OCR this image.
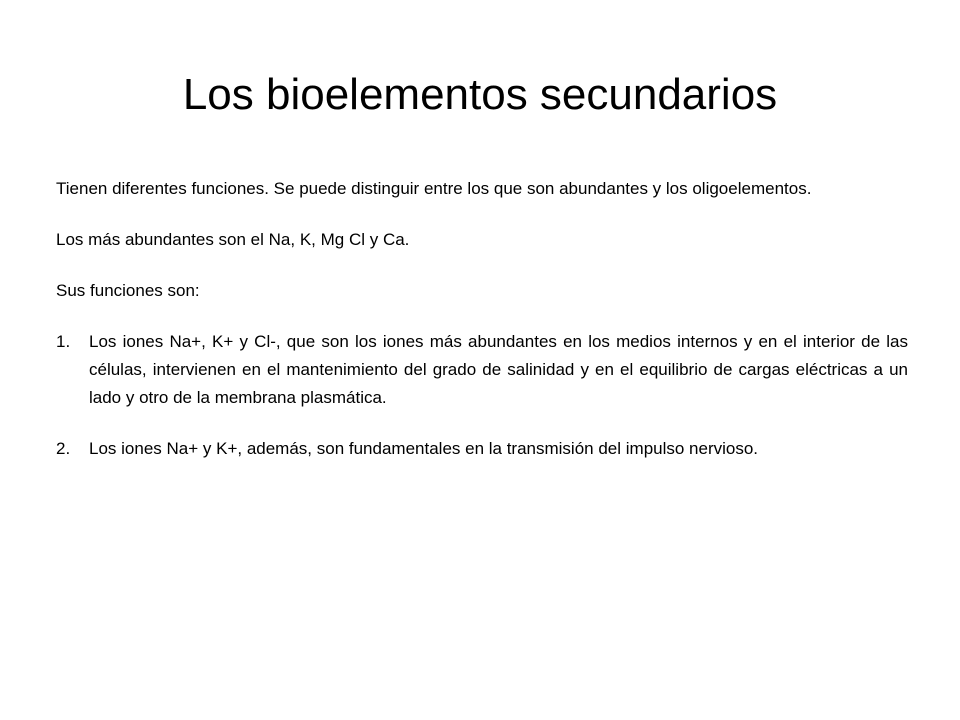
Los bioelementos secundarios

Tienen diferentes funciones. Se puede distinguir entre los que son abundantes y los oligoelementos.

Los más abundantes son el Na, K, Mg Cl y Ca.

Sus funciones son:

1.	Los iones Na+, K+ y Cl-, que son los iones más abundantes en los medios internos y en el interior de las células, intervienen en el mantenimiento del grado de salinidad y en el equilibrio de cargas eléctricas a un lado y otro de la membrana plasmática.
2.	Los iones Na+ y K+, además, son fundamentales en la transmisión del impulso nervioso.
